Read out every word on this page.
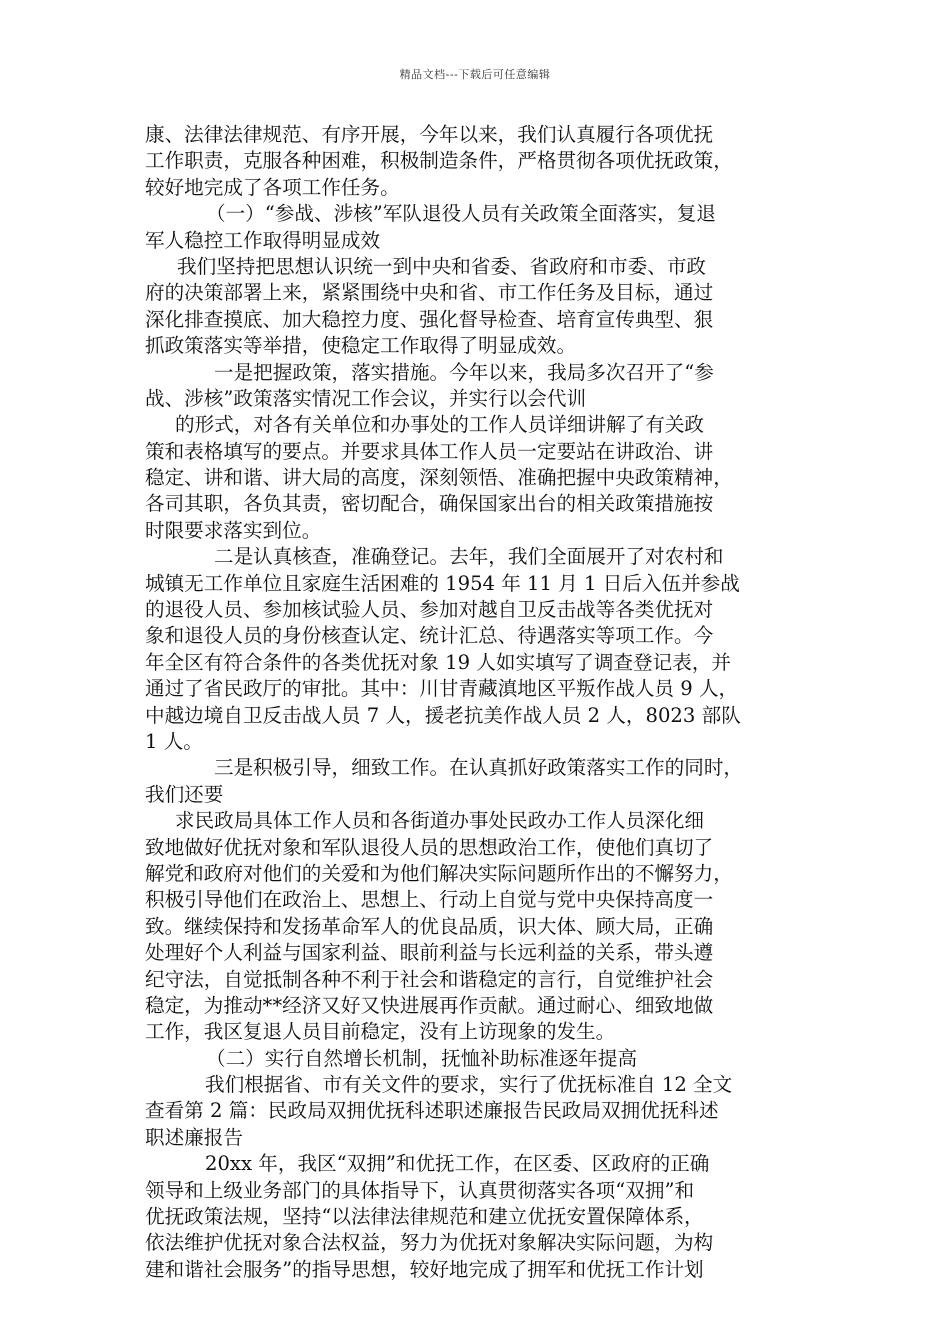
精品文档---下载后可任意编辑
康、法律法律规范、有序开展，今年以来，我们认真履行各项优抚
工作职责，克服各种困难，积极制造条件，严格贯彻各项优抚政策，
较好地完成了各项工作任务。
（一）“参战、涉核”军队退役人员有关政策全面落实，复退
军人稳控工作取得明显成效
我们坚持把思想认识统一到中央和省委、省政府和市委、市政
府的决策部署上来，紧紧围绕中央和省、市工作任务及目标，通过
深化排查摸底、加大稳控力度、强化督导检查、培育宣传典型、狠
抓政策落实等举措，使稳定工作取得了明显成效。
一是把握政策，落实措施。今年以来，我局多次召开了“参
战、涉核”政策落实情况工作会议，并实行以会代训
的形式，对各有关单位和办事处的工作人员详细讲解了有关政
策和表格填写的要点。并要求具体工作人员一定要站在讲政治、讲
稳定、讲和谐、讲大局的高度，深刻领悟、准确把握中央政策精神，
各司其职，各负其责，密切配合，确保国家出台的相关政策措施按
时限要求落实到位。
二是认真核查，准确登记。去年，我们全面展开了对农村和
城镇无工作单位且家庭生活困难的 1954 年 11 月 1 日后入伍并参战
的退役人员、参加核试验人员、参加对越自卫反击战等各类优抚对
象和退役人员的身份核查认定、统计汇总、待遇落实等项工作。今
年全区有符合条件的各类优抚对象 19 人如实填写了调查登记表，并
通过了省民政厅的审批。其中：川甘青藏滇地区平叛作战人员 9 人，
中越边境自卫反击战人员 7 人，援老抗美作战人员 2 人，8023 部队
1 人。
三是积极引导，细致工作。在认真抓好政策落实工作的同时，
我们还要
求民政局具体工作人员和各街道办事处民政办工作人员深化细
致地做好优抚对象和军队退役人员的思想政治工作，使他们真切了
解党和政府对他们的关爱和为他们解决实际问题所作出的不懈努力，
积极引导他们在政治上、思想上、行动上自觉与党中央保持高度一
致。继续保持和发扬革命军人的优良品质，识大体、顾大局，正确
处理好个人利益与国家利益、眼前利益与长远利益的关系，带头遵
纪守法，自觉抵制各种不利于社会和谐稳定的言行，自觉维护社会
稳定，为推动**经济又好又快进展再作贡献。通过耐心、细致地做
工作，我区复退人员目前稳定，没有上访现象的发生。
（二）实行自然增长机制，抚恤补助标准逐年提高
我们根据省、市有关文件的要求，实行了优抚标准自 12 全文
查看第 2 篇：民政局双拥优抚科述职述廉报告民政局双拥优抚科述
职述廉报告
20xx 年，我区“双拥”和优抚工作，在区委、区政府的正确
领导和上级业务部门的具体指导下，认真贯彻落实各项“双拥”和
优抚政策法规，坚持“以法律法律规范和建立优抚安置保障体系，
依法维护优抚对象合法权益，努力为优抚对象解决实际问题，为构
建和谐社会服务”的指导思想，较好地完成了拥军和优抚工作计划
